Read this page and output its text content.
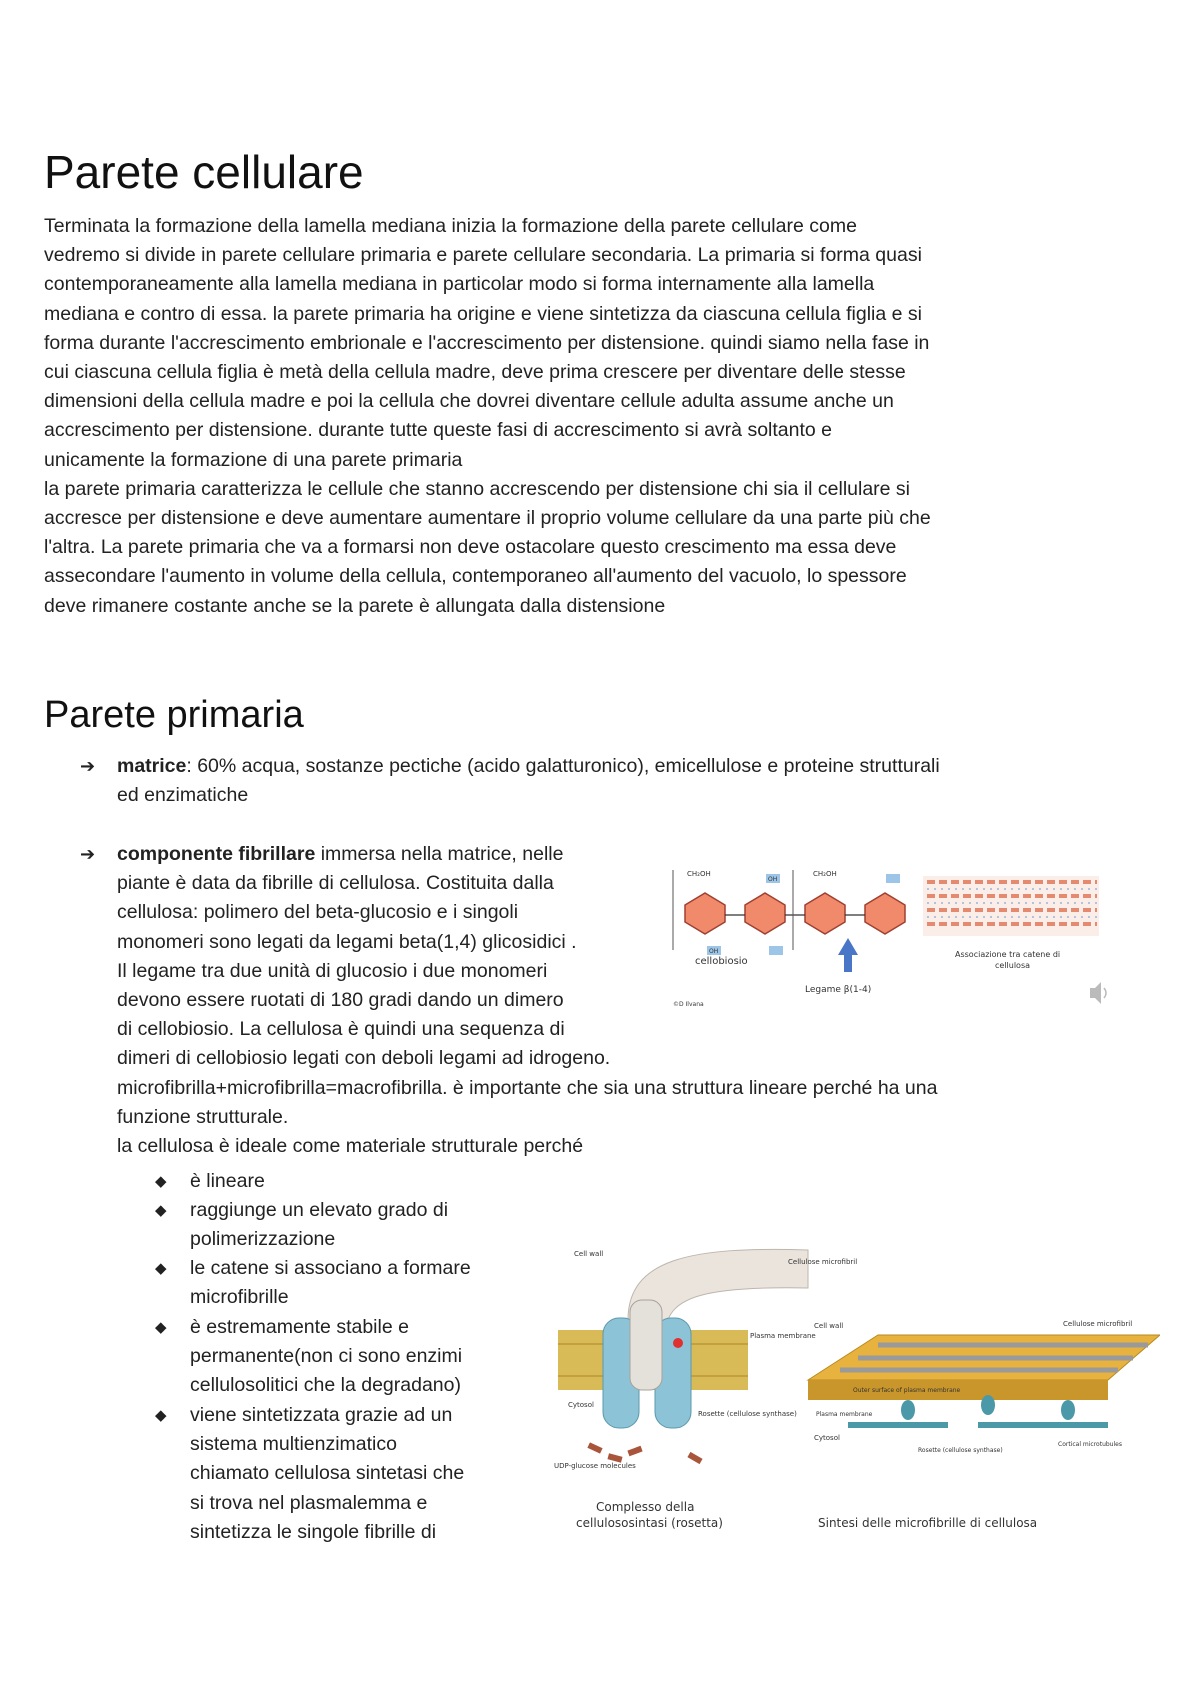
Parete cellulare
Terminata la formazione della lamella mediana inizia la formazione della parete cellulare come
vedremo si divide in parete cellulare primaria e parete cellulare secondaria. La primaria si forma quasi
contemporaneamente alla lamella mediana in particolar modo si forma internamente alla lamella
mediana e contro di essa. la parete primaria ha origine e viene sintetizza da ciascuna cellula figlia e si
forma durante l'accrescimento embrionale e l'accrescimento per distensione. quindi siamo nella fase in
cui ciascuna cellula figlia è metà della cellula madre, deve prima crescere per diventare delle stesse
dimensioni della cellula madre e poi la cellula che dovrei diventare cellule adulta assume anche un
accrescimento per distensione. durante tutte queste fasi di accrescimento si avrà soltanto e
unicamente la formazione di una parete primaria
la parete primaria caratterizza le cellule che stanno accrescendo per distensione chi sia il cellulare si
accresce per distensione e deve aumentare aumentare il proprio volume cellulare da una parte più che
l'altra. La parete primaria che va a formarsi non deve ostacolare questo crescimento ma essa deve
assecondare l'aumento in volume della cellula, contemporaneo all'aumento del vacuolo, lo spessore
deve rimanere costante anche se la parete è allungata dalla distensione
Parete primaria
➔	matrice: 60% acqua, sostanze pectiche (acido galatturonico), emicellulose e proteine strutturali
ed enzimatiche
➔	componente fibrillare immersa nella matrice, nelle
piante è data da fibrille di cellulosa. Costituita dalla
cellulosa: polimero del beta-glucosio e i singoli
monomeri sono legati da legami beta(1,4) glicosidici .
Il legame tra due unità di glucosio i due monomeri
devono essere ruotati di 180 gradi dando un dimero
di cellobiosio. La cellulosa è quindi una sequenza di
dimeri di cellobiosio legati con deboli legami ad idrogeno.
microfibrilla+microfibrilla=macrofibrilla. è importante che sia una struttura lineare perché ha una
funzione strutturale.
la cellulosa è ideale come materiale strutturale perché
◆ è lineare
◆ raggiunge un elevato grado di
polimerizzazione
◆ le catene si associano a formare
microfibrille
◆ è estremamente stabile e
permanente(non ci sono enzimi
cellulosolitici che la degradano)
◆ viene sintetizzata grazie ad un
sistema multienzimatico
chiamato cellulosa sintetasi che
si trova nel plasmalemma e
sintetizza le singole fibrille di
CH₂OH	CH₂OH
OH
OH
cellobiosio
Legame β(1-4)
©D Ilvana
Associazione tra catene di
cellulosa
Cell wall
Cellulose microfibril
Plasma membrane
Cytosol
Rosette (cellulose synthase)
UDP-glucose molecules
Complesso della
cellulososintasi (rosetta)
Cell wall	Cellulose microfibril
Outer surface of plasma membrane
Plasma membrane
Cytosol
Rosette (cellulose synthase)
Cortical microtubules
Sintesi delle microfibrille di cellulosa
